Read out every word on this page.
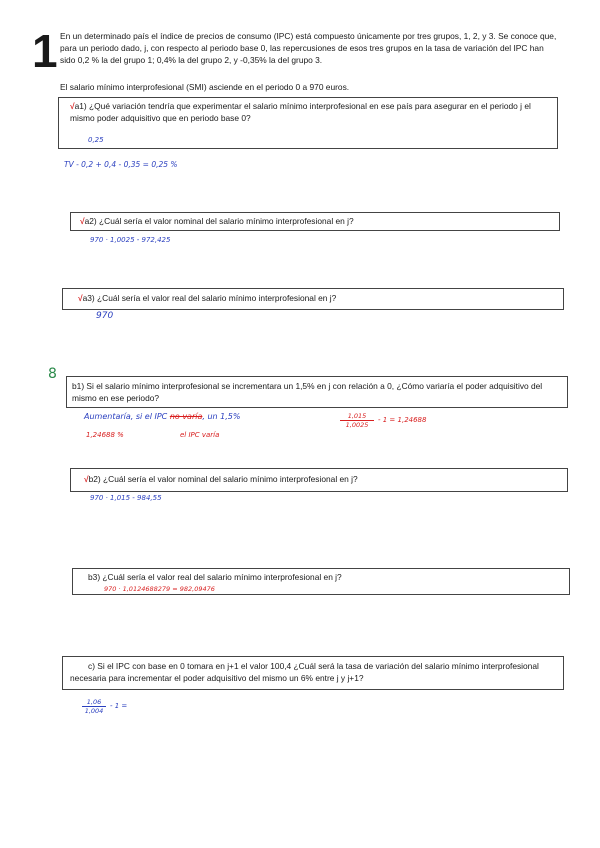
1 En un determinado país el índice de precios de consumo (IPC) está compuesto únicamente por tres grupos, 1, 2, y 3. Se conoce que, para un periodo dado, j, con respecto al periodo base 0, las repercusiones de esos tres grupos en la tasa de variación del IPC han sido 0,2 % la del grupo 1; 0,4% la del grupo 2, y -0,35% la del grupo 3.

El salario mínimo interprofesional (SMI) asciende en el periodo 0 a 970 euros.

√a1) ¿Qué variación tendría que experimentar el salario mínimo interprofesional en ese país para asegurar en el periodo j el mismo poder adquisitivo que en periodo base 0?

0,25
TV - 0,2 + 0,4 - 0,35 = 0,25 %

√a2) ¿Cuál sería el valor nominal del salario mínimo interprofesional en j?

970 · 1,0025 - 972,425

√a3) ¿Cuál sería el valor real del salario mínimo interprofesional en j?

970
8

b1) Si el salario mínimo interprofesional se incrementara un 1,5% en j con relación a 0, ¿Cómo variaría el poder adquisitivo del mismo en ese periodo?

Aumentaría, si el IPC no varía, un 1,5%
1,24688 %	el IPC varía
$\frac{1,015}{1,0025} - 1 = 1,24688$

√b2) ¿Cuál sería el valor nominal del salario mínimo interprofesional en j?

970 · 1,015 - 984,55

b3) ¿Cuál sería el valor real del salario mínimo interprofesional en j?

970 · 1,0124688279 = 982,09476

c) Si el IPC con base en 0 tomara en j+1 el valor 100,4 ¿Cuál será la tasa de variación del salario mínimo interprofesional necesaria para incrementar el poder adquisitivo del mismo un 6% entre j y j+1?

$\frac{1,06}{1,004} - 1$ =
